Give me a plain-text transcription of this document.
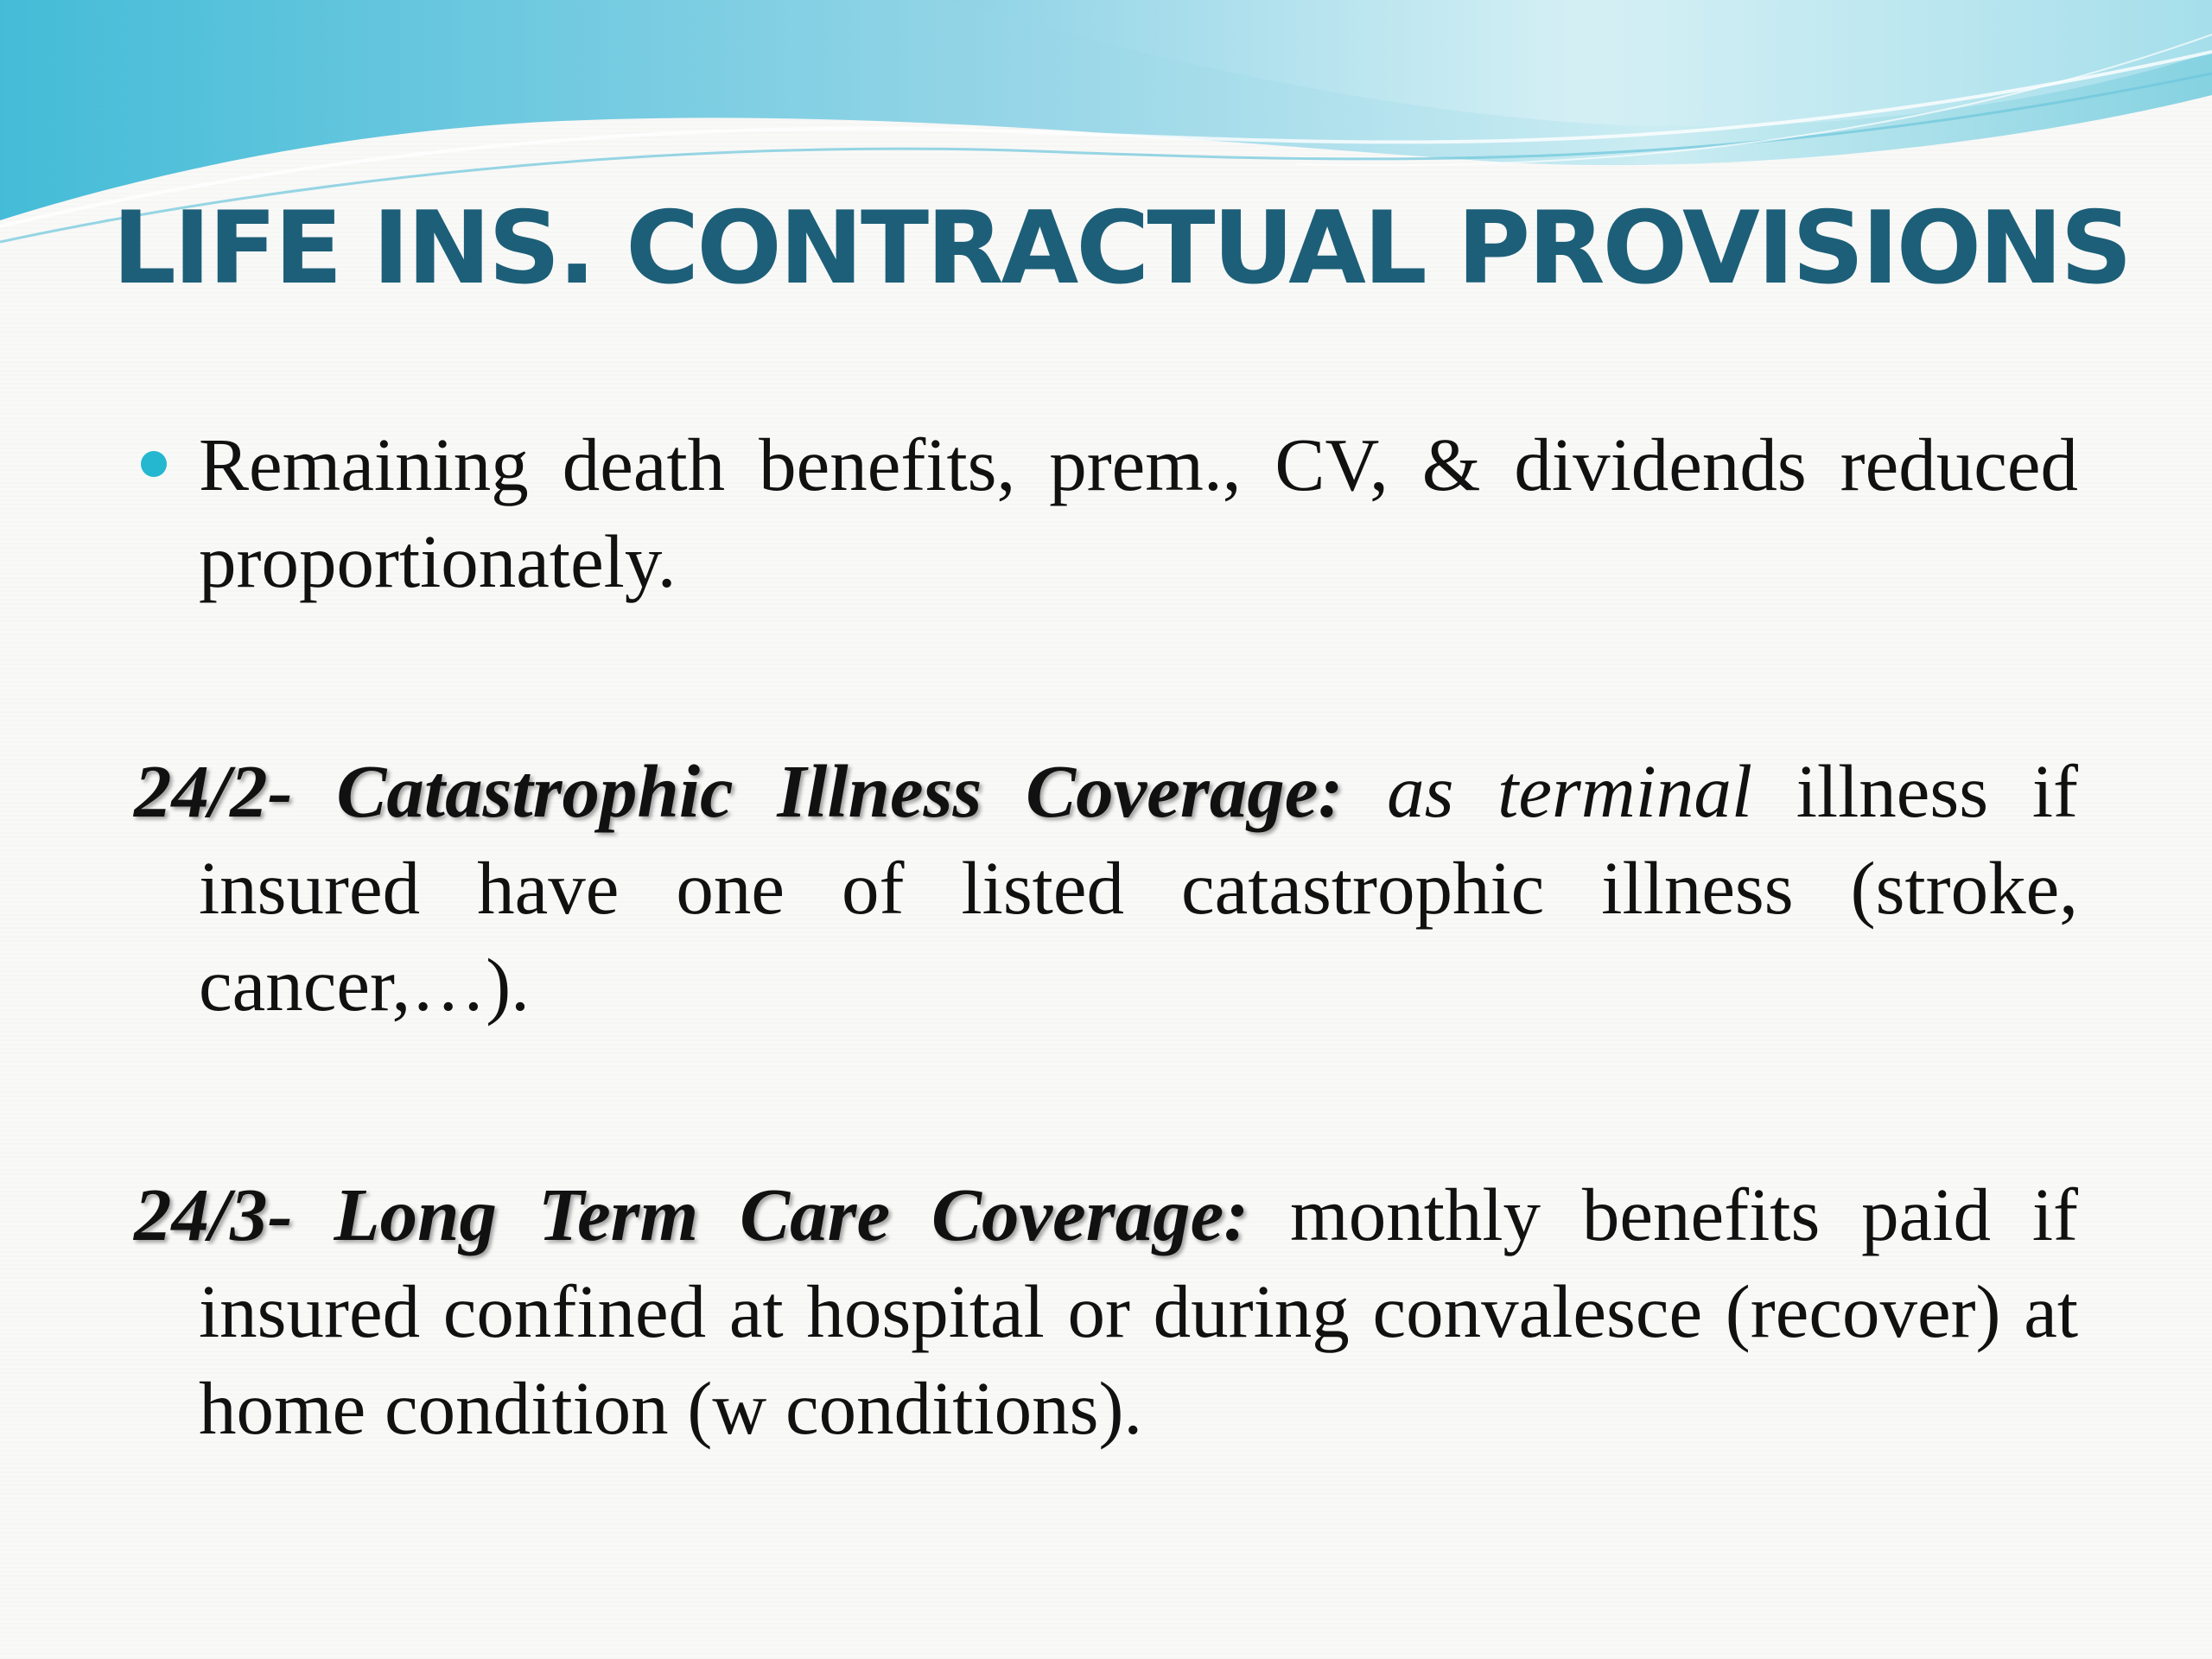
LIFE INS. CONTRACTUAL PROVISIONS

Remaining death benefits, prem., CV, & dividends reduced proportionately.

24/2- Catastrophic Illness Coverage: as terminal illness if insured have one of listed catastrophic illness (stroke, cancer,…).

24/3- Long Term Care Coverage: monthly benefits paid if insured confined at hospital or during convalesce (recover) at home condition (w conditions).
